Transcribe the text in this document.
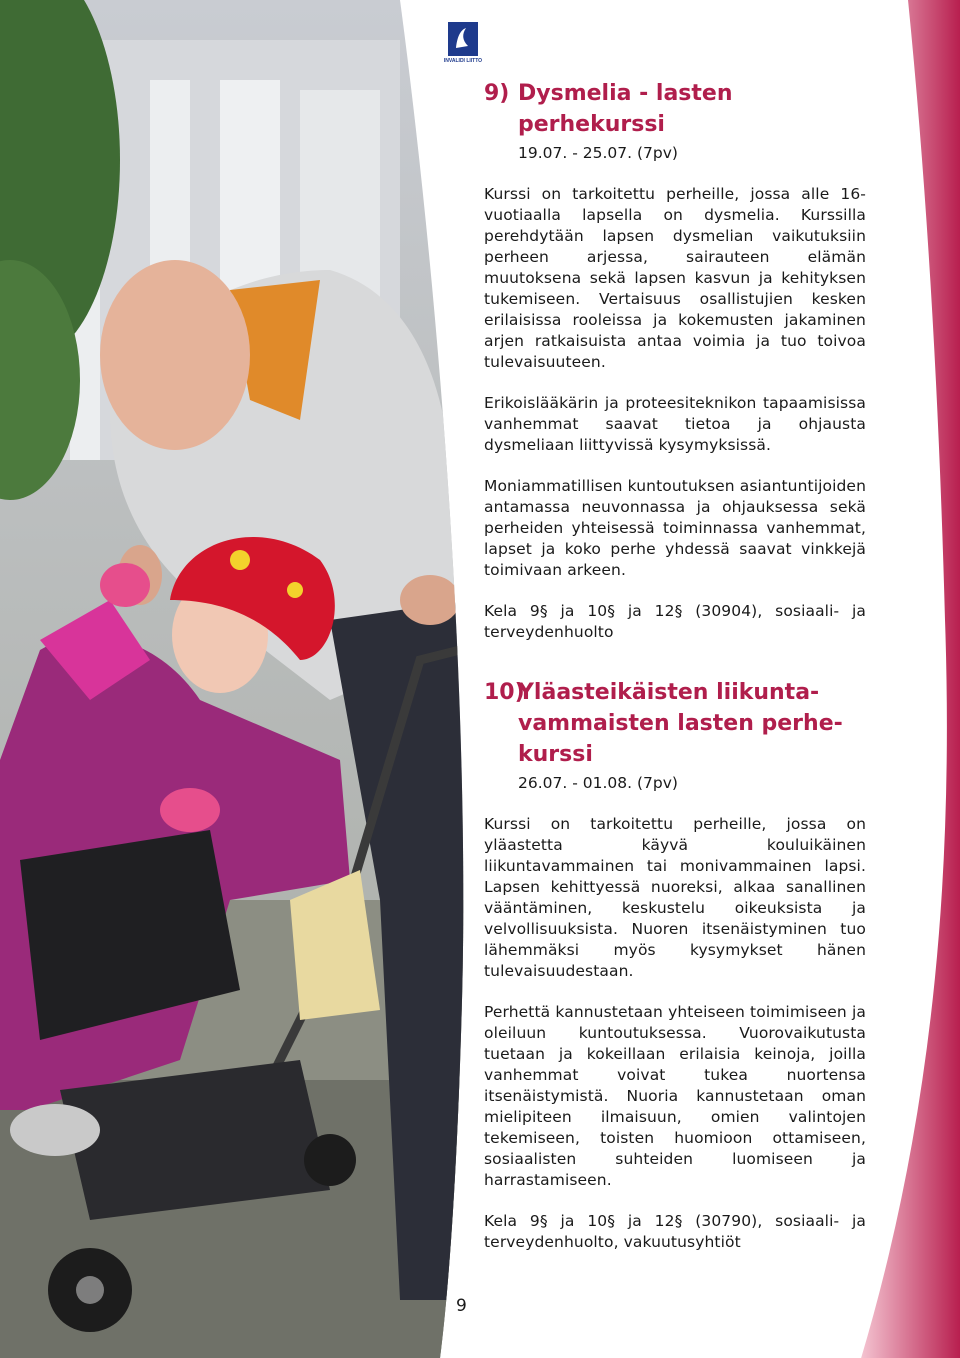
INVALIDI LIITTO
9) Dysmelia - lasten
perhekurssi
19.07. - 25.07. (7pv)

Kurssi on tarkoitettu perheille, jossa alle 16-vuotiaalla lapsella on dysmelia. Kurssilla perehdytään lapsen dysmelian vaikutuksiin perheen arjessa, sairauteen elämän muutoksena sekä lapsen kasvun ja kehityksen tukemiseen. Vertaisuus osallistujien kesken erilaisissa rooleissa ja kokemusten jakaminen arjen ratkaisuista antaa voimia ja tuo toivoa tulevaisuuteen.

Erikoislääkärin ja proteesiteknikon tapaamisissa vanhemmat saavat tietoa ja ohjausta dysmeliaan liittyvissä kysymyksissä.

Moniammatillisen kuntoutuksen asiantuntijoiden antamassa neuvonnassa ja ohjauksessa sekä perheiden yhteisessä toiminnassa vanhemmat, lapset ja koko perhe yhdessä saavat vinkkejä toimivaan arkeen.

Kela 9§ ja 10§ ja 12§ (30904), sosiaali- ja terveydenhuolto

10)Yläasteikäisten liikunta-
vammaisten lasten perhe-
kurssi
26.07. - 01.08. (7pv)

Kurssi on tarkoitettu perheille, jossa on yläastetta käyvä kouluikäinen liikuntavammainen tai monivammainen lapsi. Lapsen kehittyessä nuoreksi, alkaa sanallinen vääntäminen, keskustelu oikeuksista ja velvollisuuksista. Nuoren itsenäistyminen tuo lähemmäksi myös kysymykset hänen tulevaisuudestaan.

Perhettä kannustetaan yhteiseen toimimiseen ja oleiluun kuntoutuksessa. Vuorovaikutusta tuetaan ja kokeillaan erilaisia keinoja, joilla vanhemmat voivat tukea nuortensa itsenäistymistä. Nuoria kannustetaan oman mielipiteen ilmaisuun, omien valintojen tekemiseen, toisten huomioon ottamiseen, sosiaalisten suhteiden luomiseen ja harrastamiseen.

Kela 9§ ja 10§ ja 12§ (30790), sosiaali- ja terveydenhuolto, vakuutusyhtiöt

9
